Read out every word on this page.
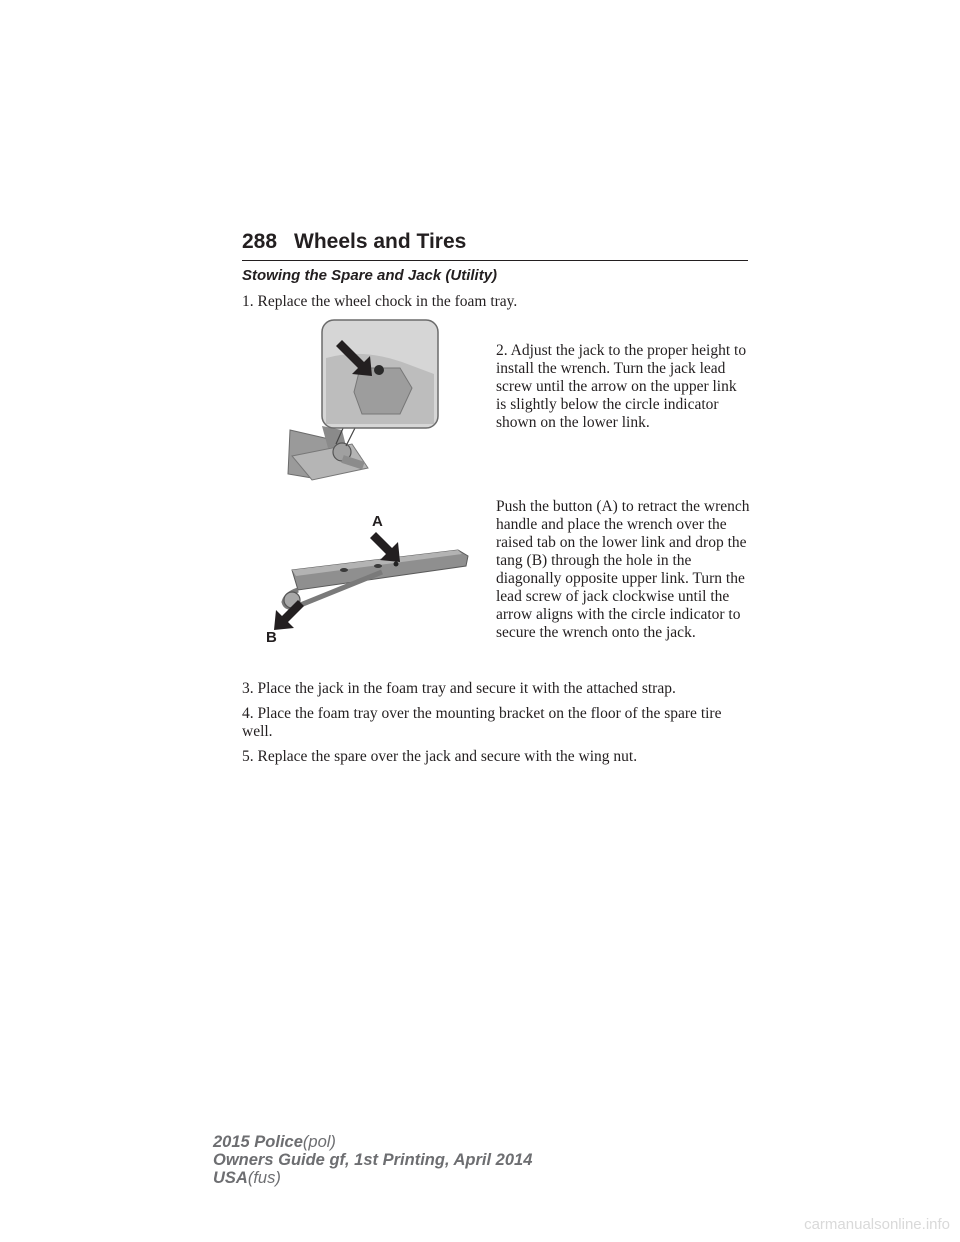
288 Wheels and Tires
Stowing the Spare and Jack (Utility)
1. Replace the wheel chock in the foam tray.
2. Adjust the jack to the proper height to install the wrench. Turn the jack lead screw until the arrow on the upper link is slightly below the circle indicator shown on the lower link.
A
B
Push the button (A) to retract the wrench handle and place the wrench over the raised tab on the lower link and drop the tang (B) through the hole in the diagonally opposite upper link. Turn the lead screw of jack clockwise until the arrow aligns with the circle indicator to secure the wrench onto the jack.
3. Place the jack in the foam tray and secure it with the attached strap.
4. Place the foam tray over the mounting bracket on the floor of the spare tire well.
5. Replace the spare over the jack and secure with the wing nut.
2015 Police(pol)
Owners Guide gf, 1st Printing, April 2014
USA(fus)
carmanualsonline.info
